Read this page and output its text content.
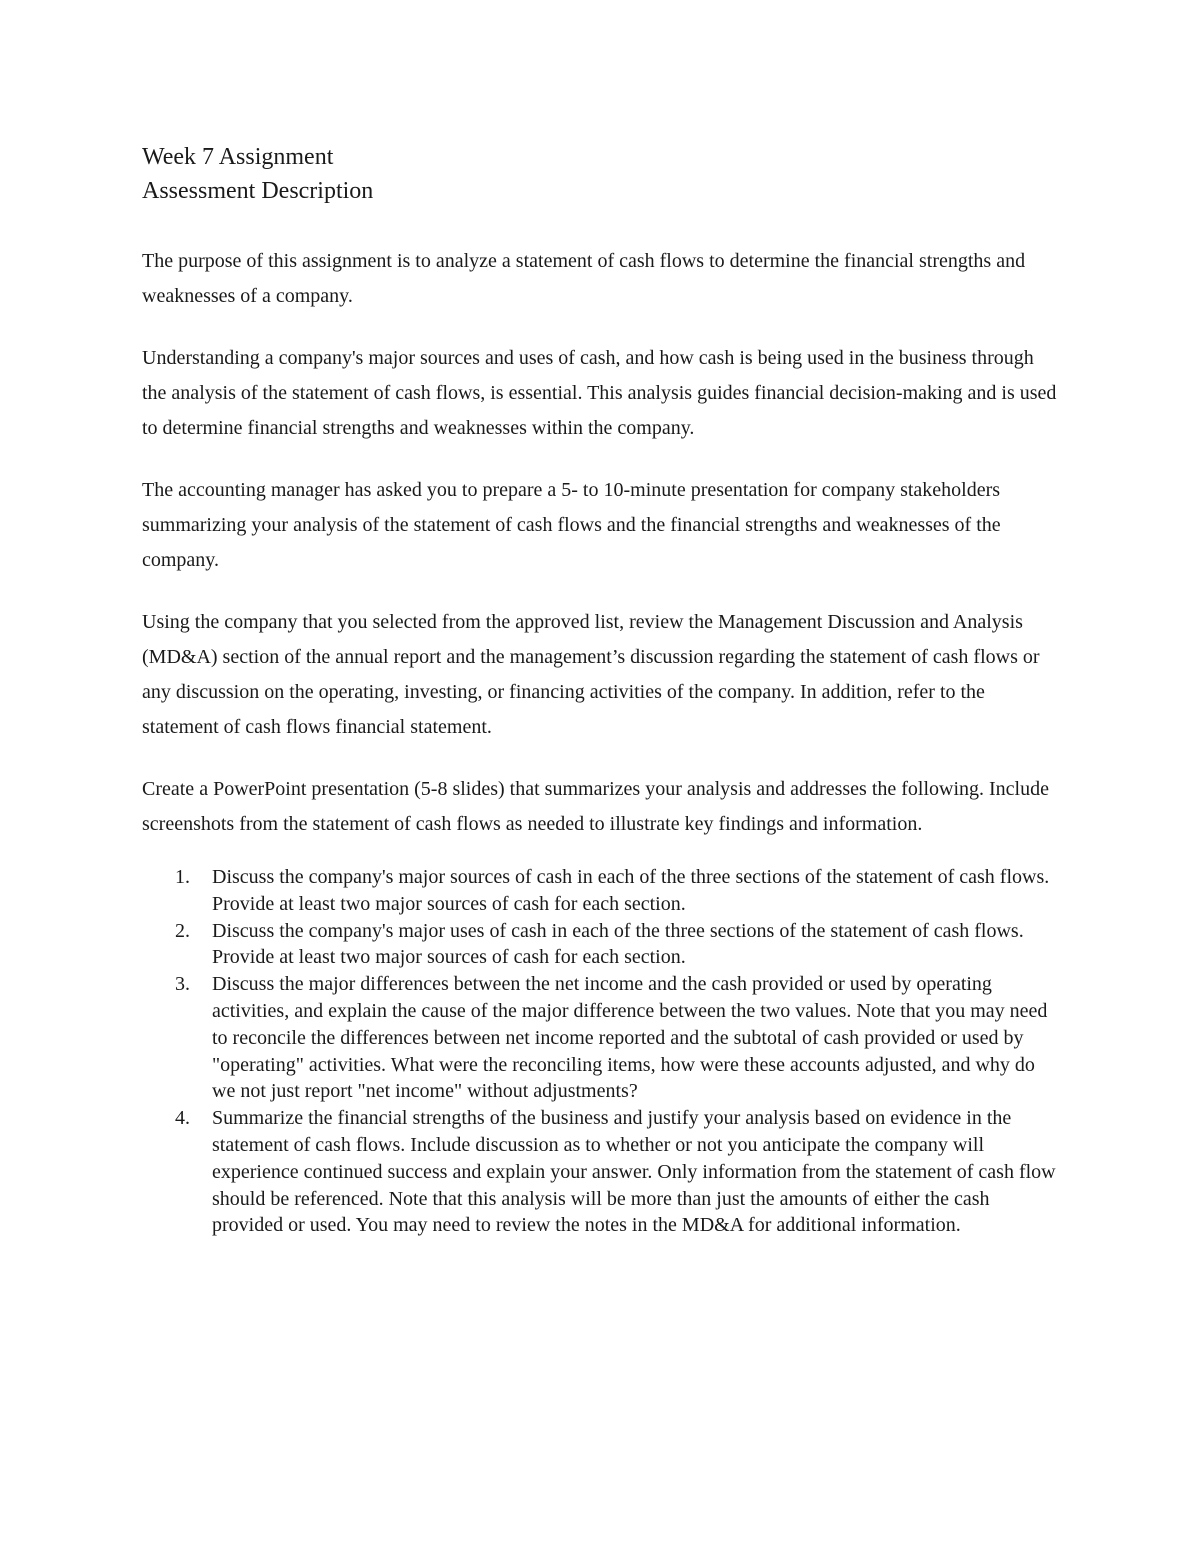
Week 7 Assignment
Assessment Description

The purpose of this assignment is to analyze a statement of cash flows to determine the financial strengths and weaknesses of a company.

Understanding a company's major sources and uses of cash, and how cash is being used in the business through the analysis of the statement of cash flows, is essential. This analysis guides financial decision-making and is used to determine financial strengths and weaknesses within the company.

The accounting manager has asked you to prepare a 5- to 10-minute presentation for company stakeholders summarizing your analysis of the statement of cash flows and the financial strengths and weaknesses of the company.

Using the company that you selected from the approved list, review the Management Discussion and Analysis (MD&A) section of the annual report and the management’s discussion regarding the statement of cash flows or any discussion on the operating, investing, or financing activities of the company. In addition, refer to the statement of cash flows financial statement.

Create a PowerPoint presentation (5-8 slides) that summarizes your analysis and addresses the following. Include screenshots from the statement of cash flows as needed to illustrate key findings and information.

1. Discuss the company's major sources of cash in each of the three sections of the statement of cash flows. Provide at least two major sources of cash for each section.
2. Discuss the company's major uses of cash in each of the three sections of the statement of cash flows. Provide at least two major sources of cash for each section.
3. Discuss the major differences between the net income and the cash provided or used by operating activities, and explain the cause of the major difference between the two values. Note that you may need to reconcile the differences between net income reported and the subtotal of cash provided or used by "operating" activities. What were the reconciling items, how were these accounts adjusted, and why do we not just report "net income" without adjustments?
4. Summarize the financial strengths of the business and justify your analysis based on evidence in the statement of cash flows. Include discussion as to whether or not you anticipate the company will experience continued success and explain your answer. Only information from the statement of cash flow should be referenced. Note that this analysis will be more than just the amounts of either the cash provided or used. You may need to review the notes in the MD&A for additional information.
